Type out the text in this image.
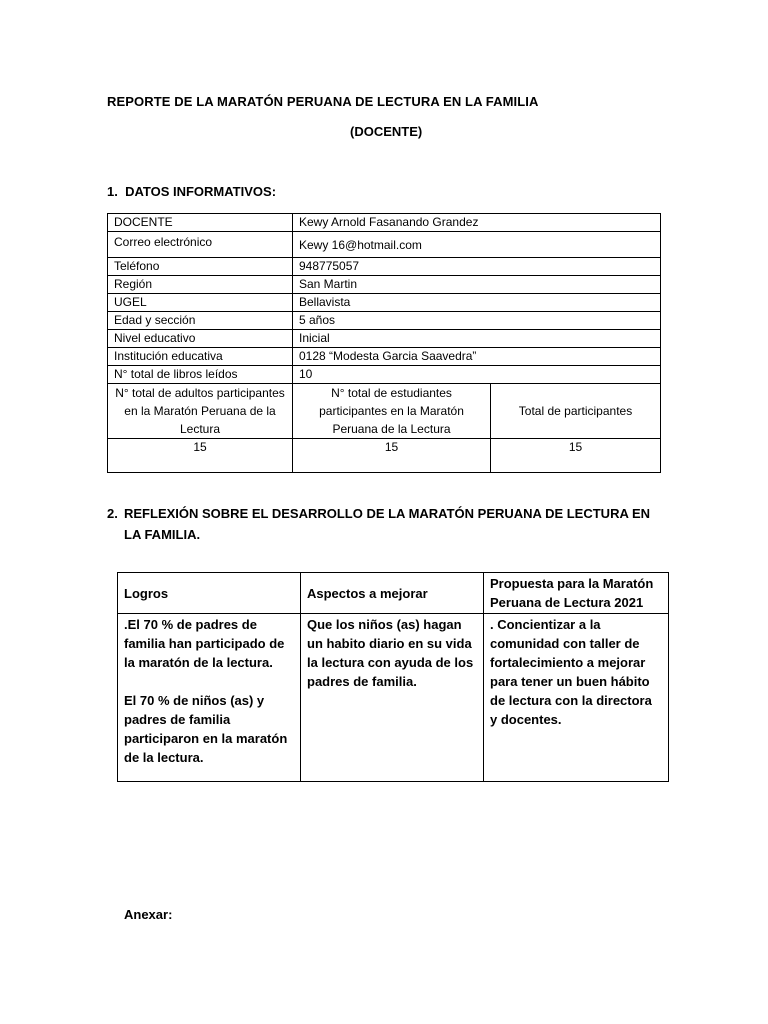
REPORTE DE LA MARATÓN PERUANA DE LECTURA EN LA FAMILIA
(DOCENTE)
1. DATOS INFORMATIVOS:
DOCENTE	Kewy Arnold Fasanando Grandez	
Correo electrónico	Kewy 16@hotmail.com	
Teléfono	948775057	
Región	San Martin	
UGEL	Bellavista	
Edad y sección	5 años	
Nivel educativo	Inicial	
Institución educativa	0128 “Modesta Garcia Saavedra”	
N° total de libros leídos	10	
N° total de adultos participantes en la Maratón Peruana de la Lectura	N° total de estudiantes participantes en la Maratón Peruana de la Lectura	Total de participantes
15	15	15
2. REFLEXIÓN SOBRE EL DESARROLLO DE LA MARATÓN PERUANA DE LECTURA EN LA FAMILIA.
Logros	Aspectos a mejorar	Propuesta para la Maratón Peruana de Lectura 2021

.El 70 % de padres de familia han participado de la maratón de la lectura.

El 70 % de niños (as) y padres de familia participaron en la maratón de la lectura.	Que los niños (as) hagan un habito diario en su vida la lectura con ayuda de los padres de familia.	. Concientizar a la comunidad con taller de fortalecimiento a mejorar para tener un buen hábito de lectura con la directora y docentes.
Anexar:
